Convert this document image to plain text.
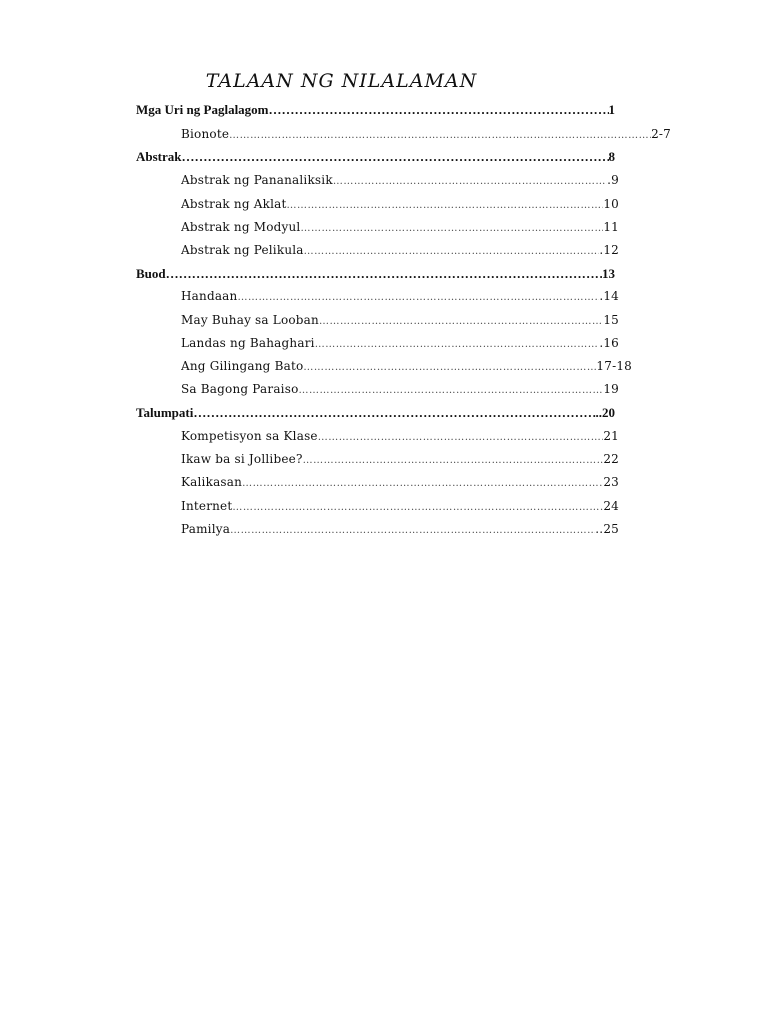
TALAAN NG NILALAMAN
Mga Uri ng Paglalagom ………………………………………………………………………………………………………………………………………………	1
Bionote …………………………………………………………………………………………………………………………………………………………………………	2-7
Abstrak ………………………………………………………………………………………………………………………………………………	8
Abstrak ng Pananaliksik …………………………………………………………………………………………………………………………………………………………………………	.9
Abstrak ng Aklat …………………………………………………………………………………………………………………………………………………………………………	10
Abstrak ng Modyul …………………………………………………………………………………………………………………………………………………………………………	11
Abstrak ng Pelikula …………………………………………………………………………………………………………………………………………………………………………	.12
Buod ………………………………………………………………………………………………………………………………………………	13
Handaan …………………………………………………………………………………………………………………………………………………………………………	.14
May Buhay sa Looban …………………………………………………………………………………………………………………………………………………………………………	15
Landas ng Bahaghari …………………………………………………………………………………………………………………………………………………………………………	.16
Ang Gilingang Bato …………………………………………………………………………………………………………………………………………………………………………	17-18
Sa Bagong Paraiso …………………………………………………………………………………………………………………………………………………………………………	19
Talumpati ………………………………………………………………………………………………………………………………………………	..20
Kompetisyon sa Klase …………………………………………………………………………………………………………………………………………………………………………	21
Ikaw ba si Jollibee? …………………………………………………………………………………………………………………………………………………………………………	22
Kalikasan …………………………………………………………………………………………………………………………………………………………………………	23
Internet …………………………………………………………………………………………………………………………………………………………………………	24
Pamilya …………………………………………………………………………………………………………………………………………………………………………	..25
